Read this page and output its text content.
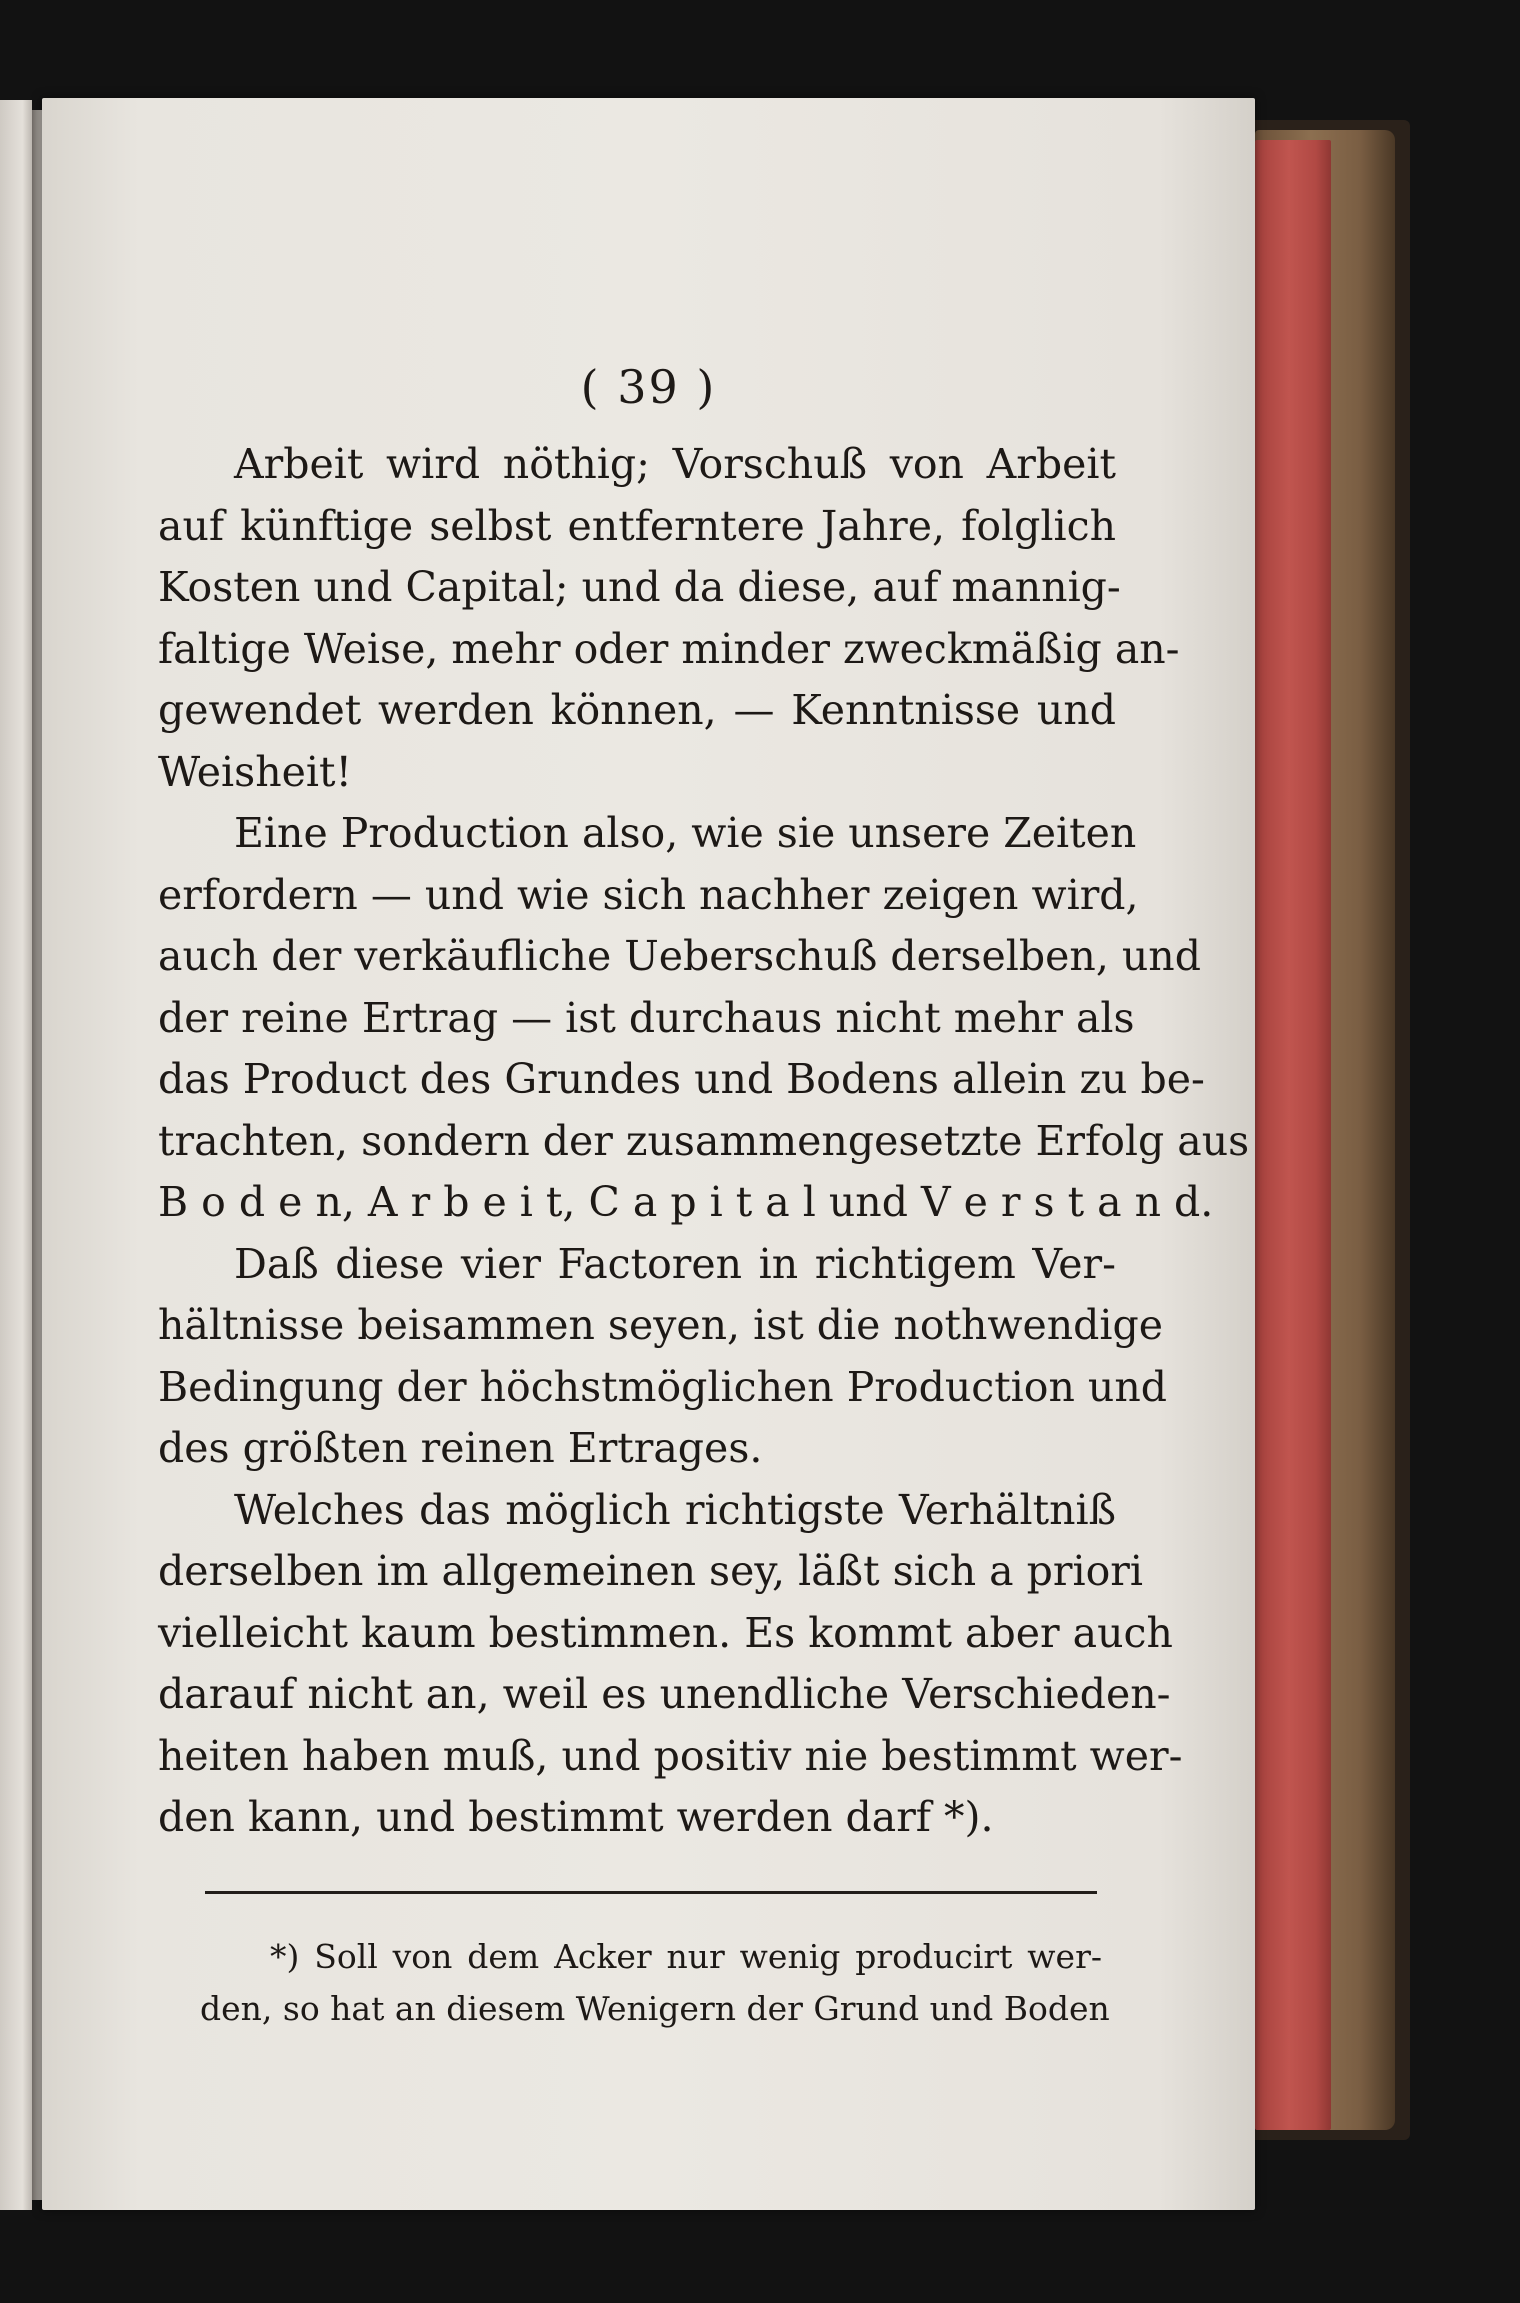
( 39 )
Arbeit wird nöthig; Vorschuß von Arbeit
auf künftige selbst entferntere Jahre, folglich
Kosten und Capital; und da diese, auf mannig-
faltige Weise, mehr oder minder zweckmäßig an-
gewendet werden können, — Kenntnisse und
Weisheit!
Eine Production also, wie sie unsere Zeiten
erfordern — und wie sich nachher zeigen wird,
auch der verkäufliche Ueberschuß derselben, und
der reine Ertrag — ist durchaus nicht mehr als
das Product des Grundes und Bodens allein zu be-
trachten, sondern der zusammengesetzte Erfolg aus
B o d e n, A r b e i t, C a p i t a l und V e r s t a n d.
Daß diese vier Factoren in richtigem Ver-
hältnisse beisammen seyen, ist die nothwendige
Bedingung der höchstmöglichen Production und
des größten reinen Ertrages.
Welches das möglich richtigste Verhältniß
derselben im allgemeinen sey, läßt sich a priori
vielleicht kaum bestimmen. Es kommt aber auch
darauf nicht an, weil es unendliche Verschieden-
heiten haben muß, und positiv nie bestimmt wer-
den kann, und bestimmt werden darf *).
*) Soll von dem Acker nur wenig producirt wer-
den, so hat an diesem Wenigern der Grund und Boden
